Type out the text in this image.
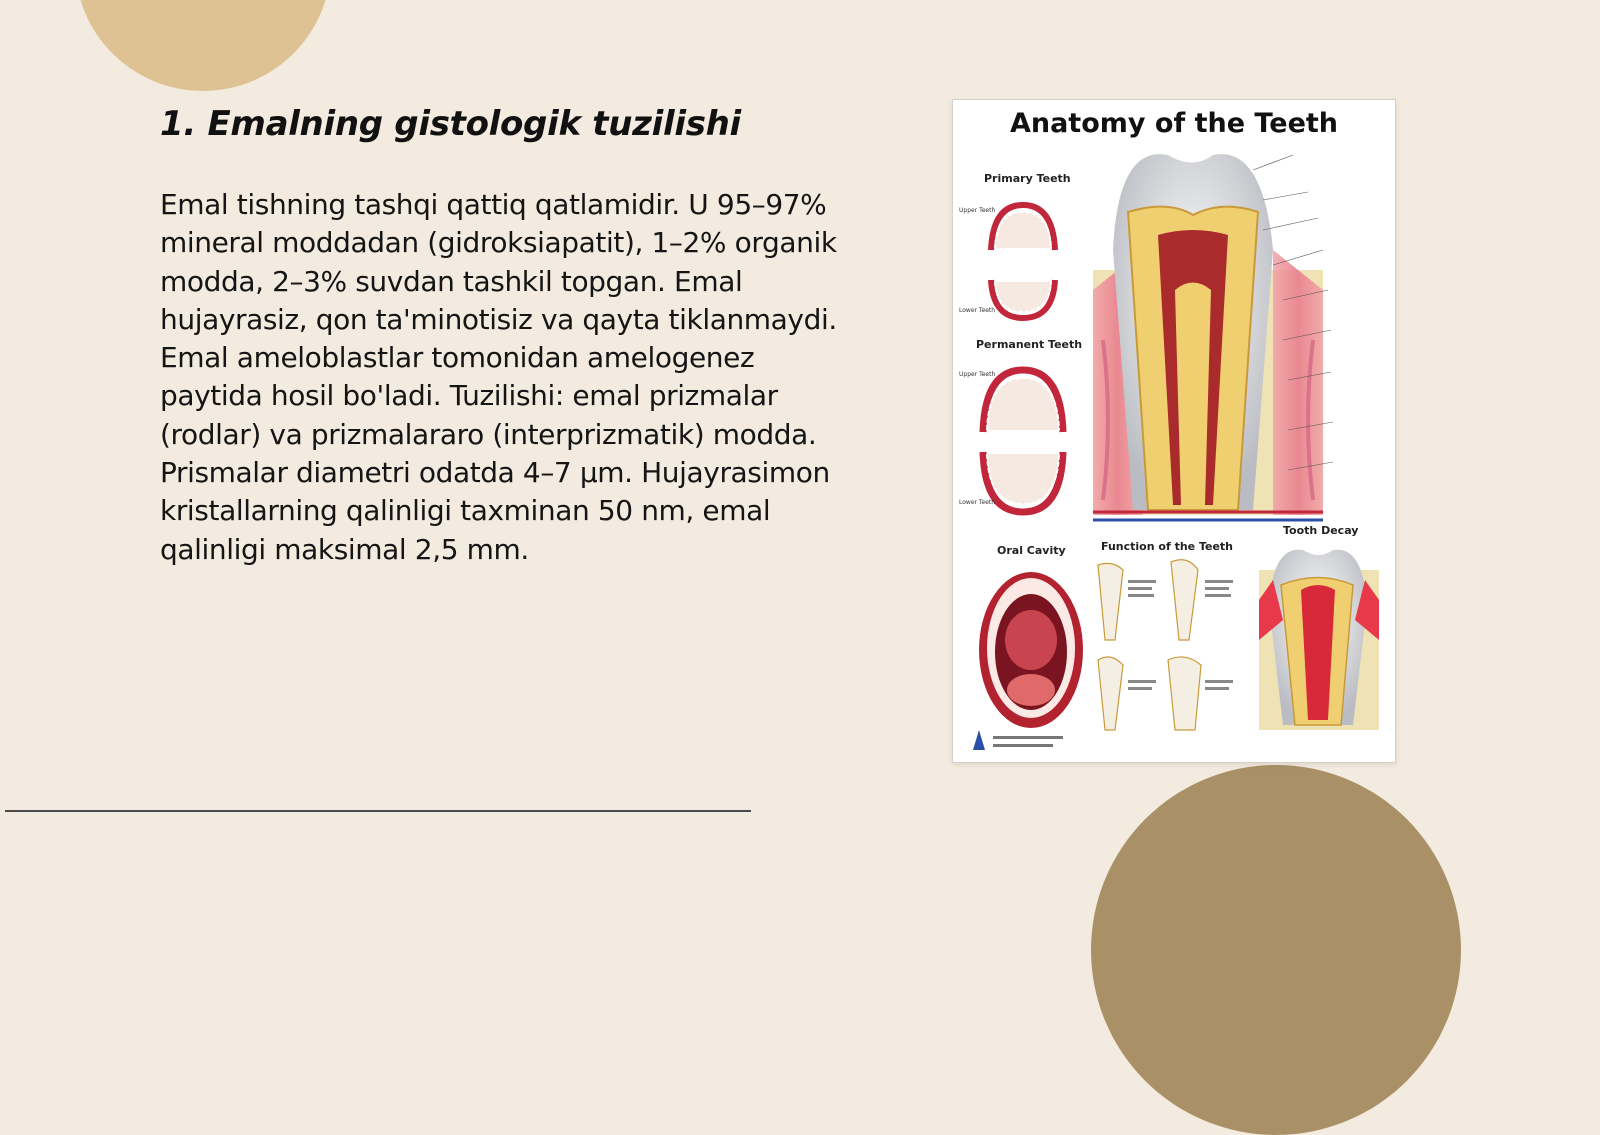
1. Emalning gistologik tuzilishi

Emal tishning tashqi qattiq qatlamidir. U 95–97% mineral moddadan (gidroksiapatit), 1–2% organik modda, 2–3% suvdan tashkil topgan. Emal hujayrasiz, qon ta'minotisiz va qayta tiklanmaydi. Emal ameloblastlar tomonidan amelogenez paytida hosil bo'ladi. Tuzilishi: emal prizmalar (rodlar) va prizmalararo (interprizmatik) modda. Prismalar diametri odatda 4–7 μm. Hujayrasimon kristallarning qalinligi taxminan 50 nm, emal qalinligi maksimal 2,5 mm.

Anatomy of the Teeth
Primary Teeth
Upper Teeth
Lower Teeth
Permanent Teeth
Upper Teeth
Lower Teeth
Tooth Decay
Oral Cavity	Function of the Teeth
